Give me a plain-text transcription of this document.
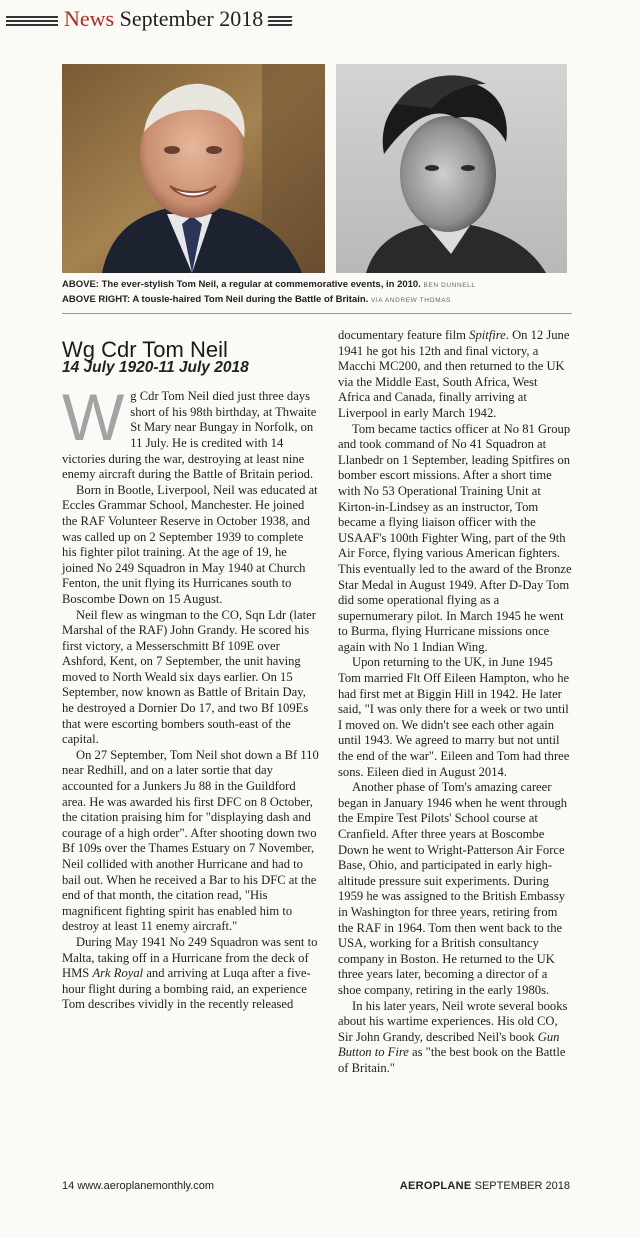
News September 2018
ABOVE: The ever-stylish Tom Neil, a regular at commemorative events, in 2010. BEN DUNNELL
ABOVE RIGHT: A tousle-haired Tom Neil during the Battle of Britain. VIA ANDREW THOMAS
Wg Cdr Tom Neil
14 July 1920-11 July 2018

Wg Cdr Tom Neil died just three days short of his 98th birthday, at Thwaite St Mary near Bungay in Norfolk, on 11 July. He is credited with 14 victories during the war, destroying at least nine enemy aircraft during the Battle of Britain period.

Born in Bootle, Liverpool, Neil was educated at Eccles Grammar School, Manchester. He joined the RAF Volunteer Reserve in October 1938, and was called up on 2 September 1939 to complete his fighter pilot training. At the age of 19, he joined No 249 Squadron in May 1940 at Church Fenton, the unit flying its Hurricanes south to Boscombe Down on 15 August.

Neil flew as wingman to the CO, Sqn Ldr (later Marshal of the RAF) John Grandy. He scored his first victory, a Messerschmitt Bf 109E over Ashford, Kent, on 7 September, the unit having moved to North Weald six days earlier. On 15 September, now known as Battle of Britain Day, he destroyed a Dornier Do 17, and two Bf 109Es that were escorting bombers south-east of the capital.

On 27 September, Tom Neil shot down a Bf 110 near Redhill, and on a later sortie that day accounted for a Junkers Ju 88 in the Guildford area. He was awarded his first DFC on 8 October, the citation praising him for "displaying dash and courage of a high order". After shooting down two Bf 109s over the Thames Estuary on 7 November, Neil collided with another Hurricane and had to bail out. When he received a Bar to his DFC at the end of that month, the citation read, "His magnificent fighting spirit has enabled him to destroy at least 11 enemy aircraft."

During May 1941 No 249 Squadron was sent to Malta, taking off in a Hurricane from the deck of HMS Ark Royal and arriving at Luqa after a five-hour flight during a bombing raid, an experience Tom describes vividly in the recently released

documentary feature film Spitfire. On 12 June 1941 he got his 12th and final victory, a Macchi MC200, and then returned to the UK via the Middle East, South Africa, West Africa and Canada, finally arriving at Liverpool in early March 1942.

Tom became tactics officer at No 81 Group and took command of No 41 Squadron at Llanbedr on 1 September, leading Spitfires on bomber escort missions. After a short time with No 53 Operational Training Unit at Kirton-in-Lindsey as an instructor, Tom became a flying liaison officer with the USAAF's 100th Fighter Wing, part of the 9th Air Force, flying various American fighters. This eventually led to the award of the Bronze Star Medal in August 1949. After D-Day Tom did some operational flying as a supernumerary pilot. In March 1945 he went to Burma, flying Hurricane missions once again with No 1 Indian Wing.

Upon returning to the UK, in June 1945 Tom married Flt Off Eileen Hampton, who he had first met at Biggin Hill in 1942. He later said, "I was only there for a week or two until I moved on. We didn't see each other again until 1943. We agreed to marry but not until the end of the war". Eileen and Tom had three sons. Eileen died in August 2014.

Another phase of Tom's amazing career began in January 1946 when he went through the Empire Test Pilots' School course at Cranfield. After three years at Boscombe Down he went to Wright-Patterson Air Force Base, Ohio, and participated in early high-altitude pressure suit experiments. During 1959 he was assigned to the British Embassy in Washington for three years, retiring from the RAF in 1964. Tom then went back to the USA, working for a British consultancy company in Boston. He returned to the UK three years later, becoming a director of a shoe company, retiring in the early 1980s.

In his later years, Neil wrote several books about his wartime experiences. His old CO, Sir John Grandy, described Neil's book Gun Button to Fire as "the best book on the Battle of Britain."

14 www.aeroplanemonthly.com	AEROPLANE SEPTEMBER 2018
